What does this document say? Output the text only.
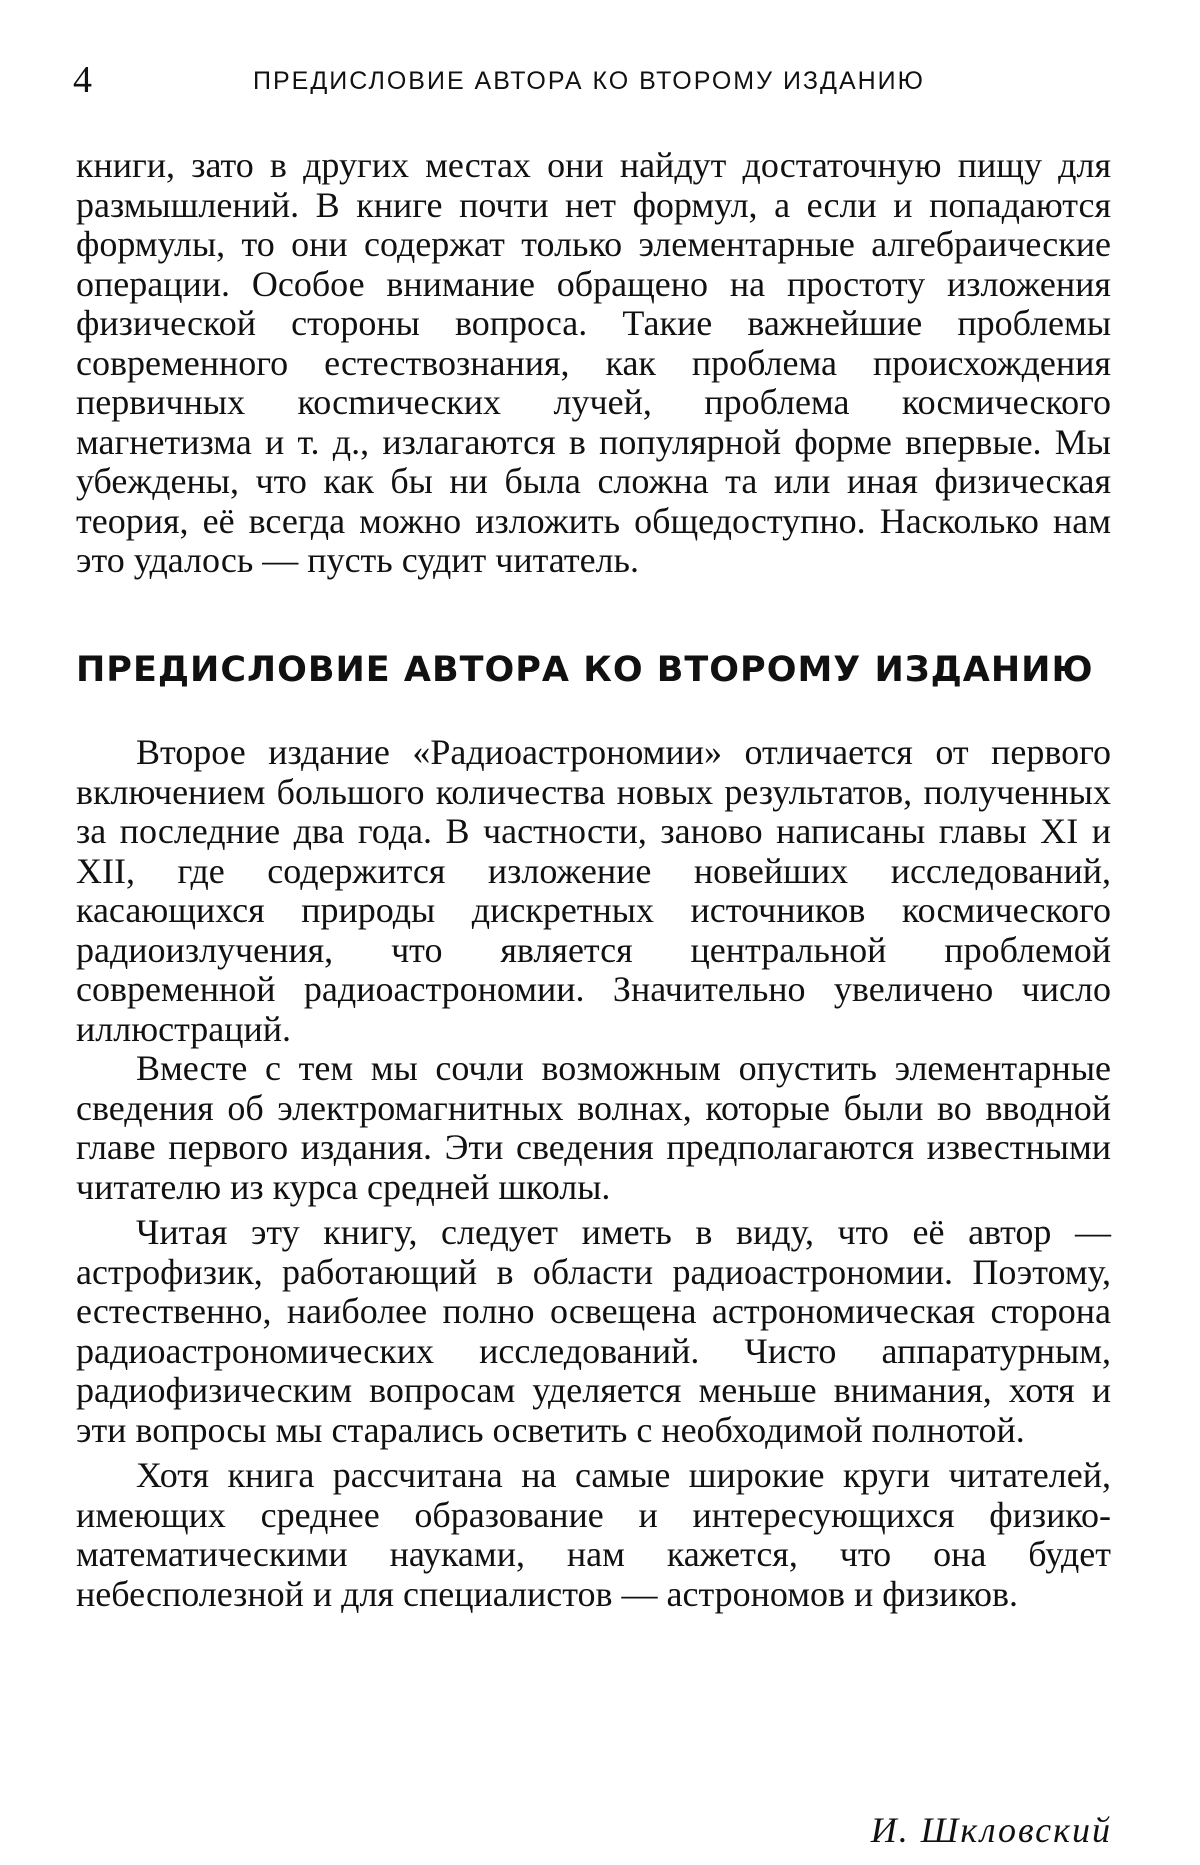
4	ПРЕДИСЛОВИЕ АВТОРА КО ВТОРОМУ ИЗДАНИЮ

книги, зато в других местах они найдут достаточную пищу для размышлений. В книге почти нет формул, а если и попадаются формулы, то они содержат только элементарные алгебраические операции. Особое внимание обращено на простоту изложения физической стороны вопроса. Такие важнейшие проблемы современного естествознания, как проблема происхождения первичных косmических лучей, проблема космического магнетизма и т. д., излагаются в популярной форме впервые. Мы убеждены, что как бы ни была сложна та или иная физическая теория, её всегда можно изложить общедоступно. Насколько нам это удалось — пусть судит читатель.

ПРЕДИСЛОВИЕ АВТОРА КО ВТОРОМУ ИЗДАНИЮ

Второе издание «Радиоастрономии» отличается от первого включением большого количества новых результатов, полученных за последние два года. В частности, заново написаны главы XI и XII, где содержится изложение новейших исследований, касающихся природы дискретных источников космического радиоизлучения, что является центральной проблемой современной радиоастрономии. Значительно увеличено число иллюстраций.

Вместе с тем мы сочли возможным опустить элементарные сведения об электромагнитных волнах, которые были во вводной главе первого издания. Эти сведения предполагаются известными читателю из курса средней школы.

Читая эту книгу, следует иметь в виду, что её автор — астрофизик, работающий в области радиоастрономии. Поэтому, естественно, наиболее полно освещена астрономическая сторона радиоастрономических исследований. Чисто аппаратурным, радиофизическим вопросам уделяется меньше внимания, хотя и эти вопросы мы старались осветить с необходимой полнотой.

Хотя книга рассчитана на самые широкие круги читателей, имеющих среднее образование и интересующихся физико-математическими науками, нам кажется, что она будет небесполезной и для специалистов — астрономов и физиков.

И. Шкловский
